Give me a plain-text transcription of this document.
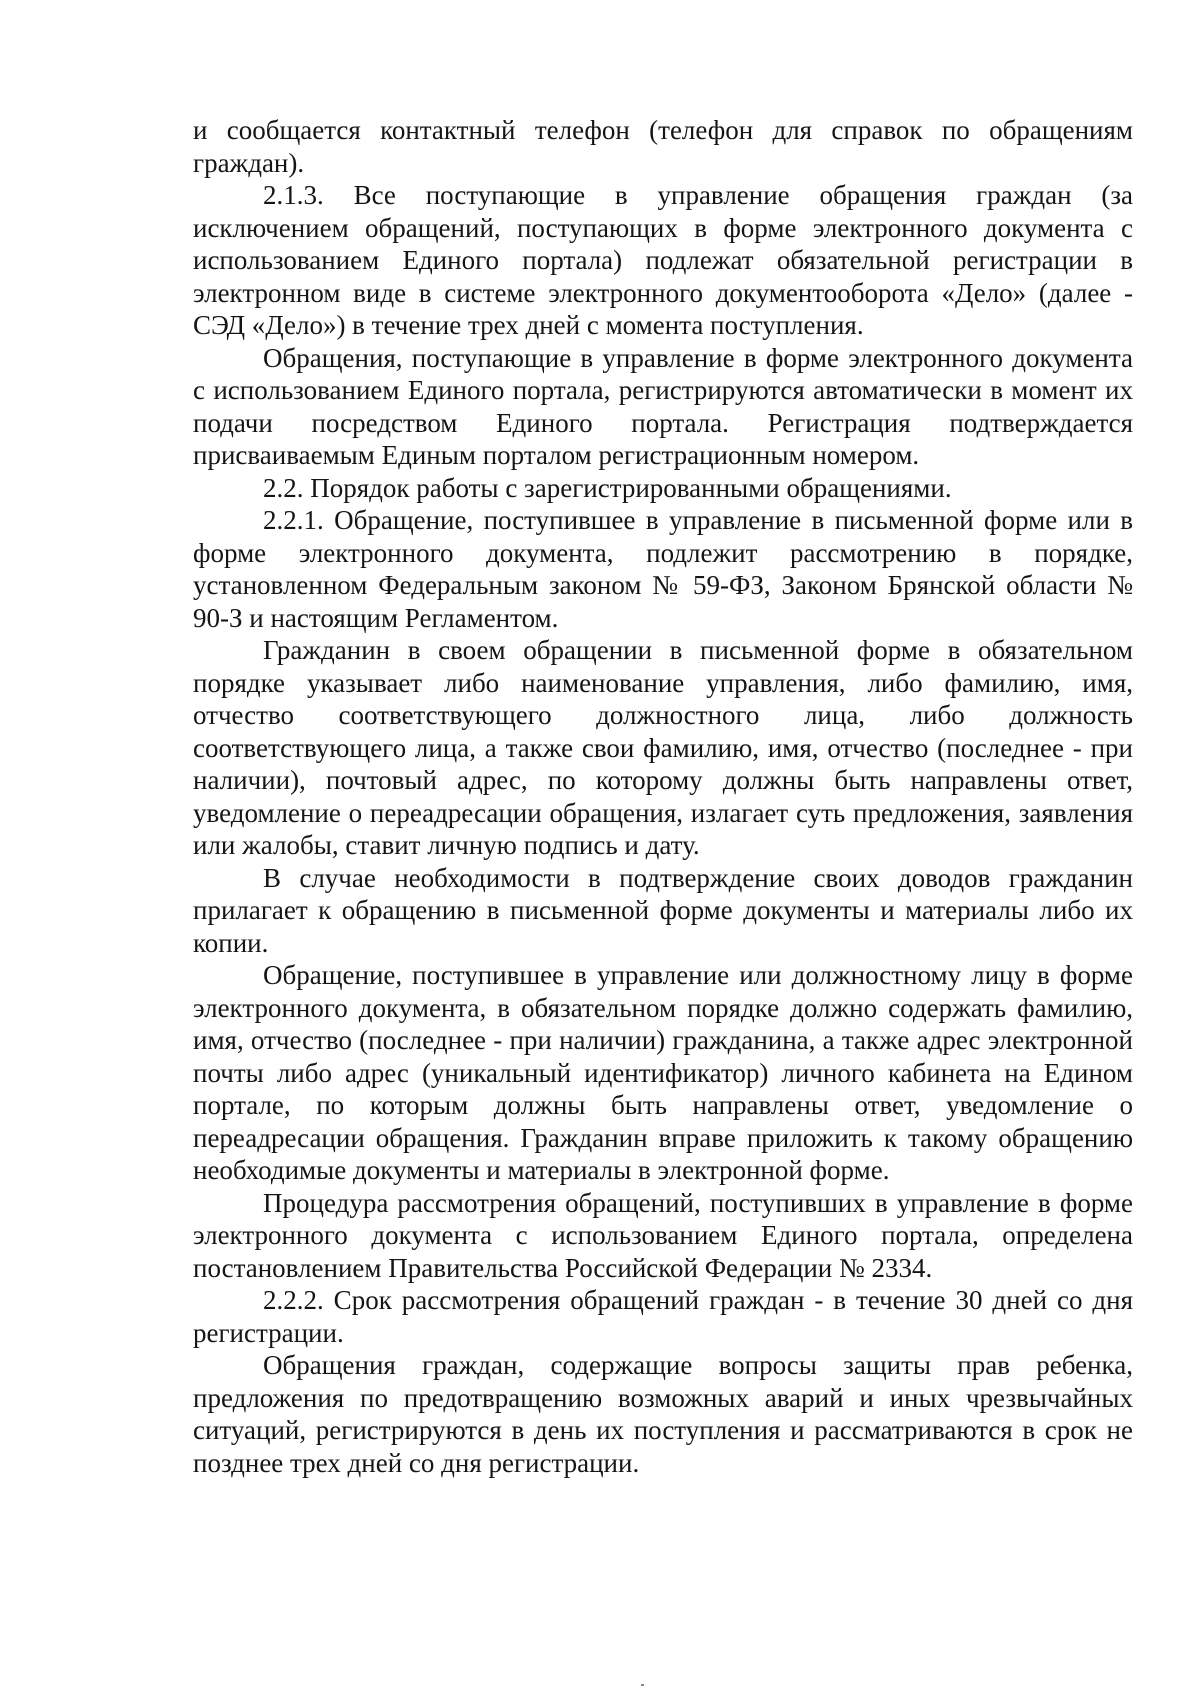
и сообщается контактный телефон (телефон для справок по обращениям граждан).

2.1.3. Все поступающие в управление обращения граждан (за исключением обращений, поступающих в форме электронного документа с использованием Единого портала) подлежат обязательной регистрации в электронном виде в системе электронного документооборота «Дело» (далее - СЭД «Дело») в течение трех дней с момента поступления.

Обращения, поступающие в управление в форме электронного документа с использованием Единого портала, регистрируются автоматически в момент их подачи посредством Единого портала. Регистрация подтверждается присваиваемым Единым порталом регистрационным номером.

2.2. Порядок работы с зарегистрированными обращениями.

2.2.1. Обращение, поступившее в управление в письменной форме или в форме электронного документа, подлежит рассмотрению в порядке, установленном Федеральным законом № 59-ФЗ, Законом Брянской области № 90-З и настоящим Регламентом.

Гражданин в своем обращении в письменной форме в обязательном порядке указывает либо наименование управления, либо фамилию, имя, отчество соответствующего должностного лица, либо должность соответствующего лица, а также свои фамилию, имя, отчество (последнее - при наличии), почтовый адрес, по которому должны быть направлены ответ, уведомление о переадресации обращения, излагает суть предложения, заявления или жалобы, ставит личную подпись и дату.

В случае необходимости в подтверждение своих доводов гражданин прилагает к обращению в письменной форме документы и материалы либо их копии.

Обращение, поступившее в управление или должностному лицу в форме электронного документа, в обязательном порядке должно содержать фамилию, имя, отчество (последнее - при наличии) гражданина, а также адрес электронной почты либо адрес (уникальный идентификатор) личного кабинета на Едином портале, по которым должны быть направлены ответ, уведомление о переадресации обращения. Гражданин вправе приложить к такому обращению необходимые документы и материалы в электронной форме.

Процедура рассмотрения обращений, поступивших в управление в форме электронного документа с использованием Единого портала, определена постановлением Правительства Российской Федерации № 2334.

2.2.2. Срок рассмотрения обращений граждан - в течение 30 дней со дня регистрации.

Обращения граждан, содержащие вопросы защиты прав ребенка, предложения по предотвращению возможных аварий и иных чрезвычайных ситуаций, регистрируются в день их поступления и рассматриваются в срок не позднее трех дней со дня регистрации.
